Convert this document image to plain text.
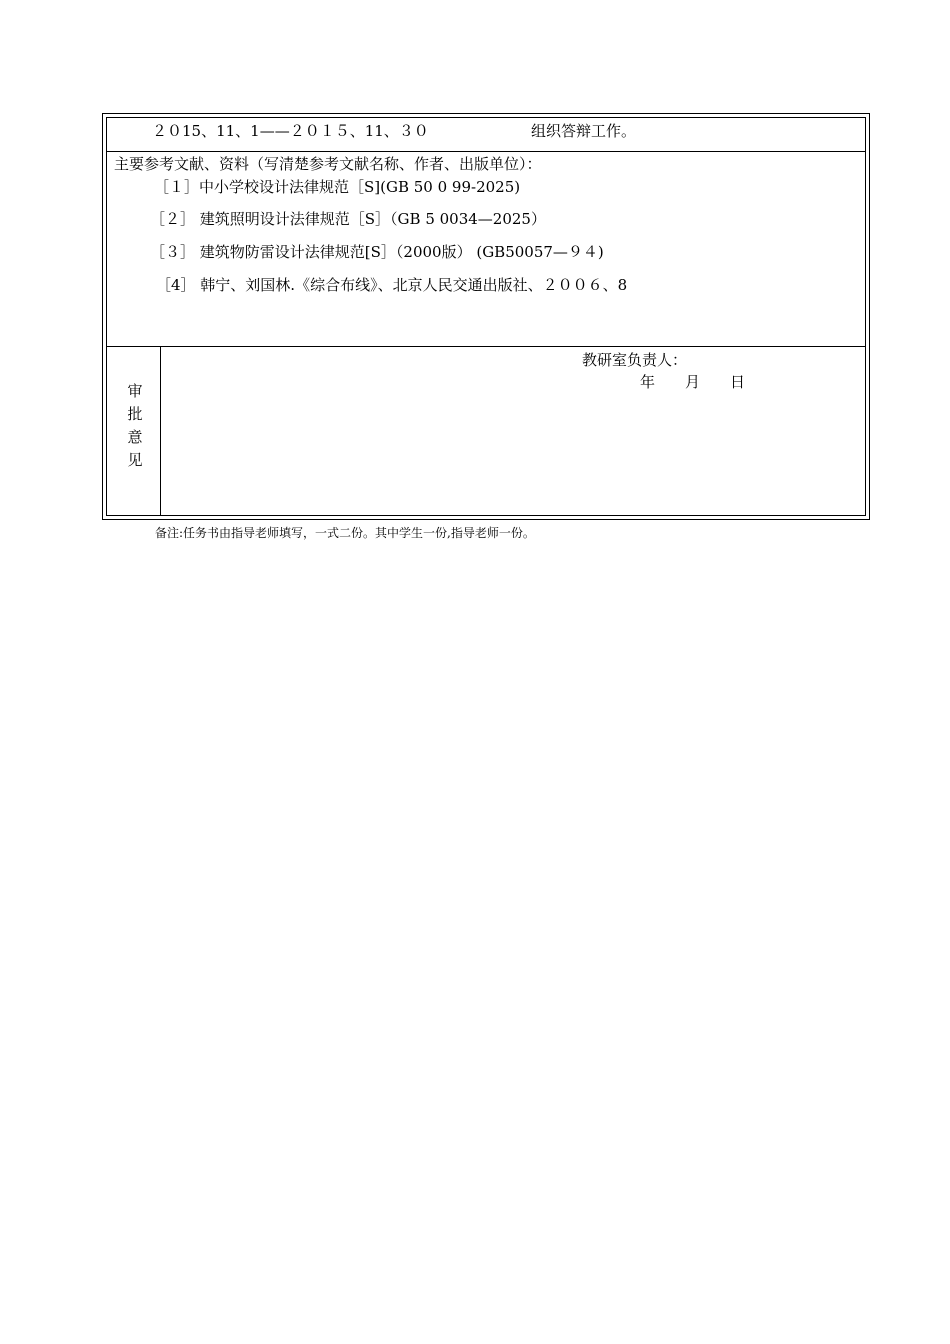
２０15、11、1——２０１５、11、３０	组织答辩工作。
主要参考文献、资料（写清楚参考文献名称、作者、出版单位）：
［１］中小学校设计法律规范［S](GB 50 0 99-2025)
［２］ 建筑照明设计法律规范［S］（GB 5 0034—2025）
［３］ 建筑物防雷设计法律规范[S］（2000版） (GB50057—９４)
［4］ 韩宁、刘国林.《综合布线》、北京人民交通出版社、２００６、8
审
批
意
见
教研室负责人：
年　　月　　日
备注:任务书由指导老师填写，一式二份。其中学生一份,指导老师一份。
